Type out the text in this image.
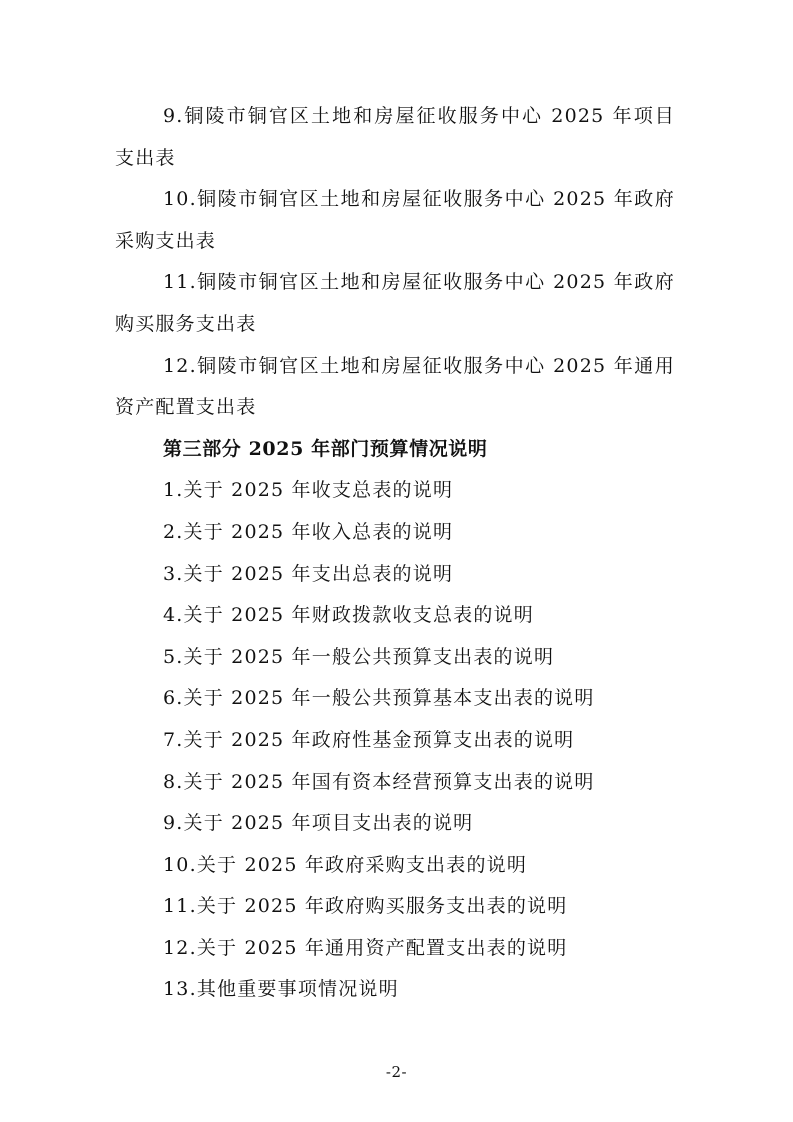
9.铜陵市铜官区土地和房屋征收服务中心 2025 年项目支出表

10.铜陵市铜官区土地和房屋征收服务中心 2025 年政府采购支出表

11.铜陵市铜官区土地和房屋征收服务中心 2025 年政府购买服务支出表

12.铜陵市铜官区土地和房屋征收服务中心 2025 年通用资产配置支出表

第三部分 2025 年部门预算情况说明

1.关于 2025 年收支总表的说明

2.关于 2025 年收入总表的说明

3.关于 2025 年支出总表的说明

4.关于 2025 年财政拨款收支总表的说明

5.关于 2025 年一般公共预算支出表的说明

6.关于 2025 年一般公共预算基本支出表的说明

7.关于 2025 年政府性基金预算支出表的说明

8.关于 2025 年国有资本经营预算支出表的说明

9.关于 2025 年项目支出表的说明

10.关于 2025 年政府采购支出表的说明

11.关于 2025 年政府购买服务支出表的说明

12.关于 2025 年通用资产配置支出表的说明

13.其他重要事项情况说明

-2-
